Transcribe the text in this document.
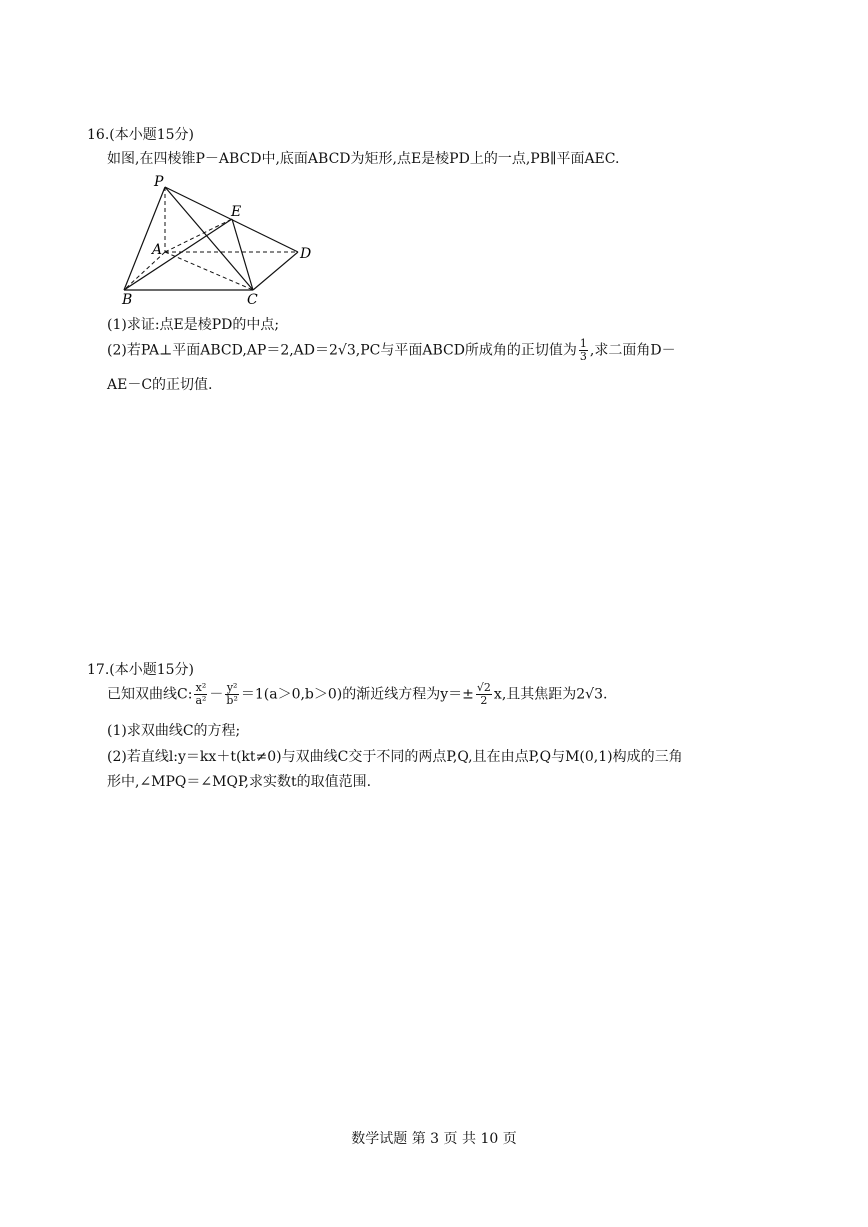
16.(本小题15分)
如图,在四棱锥P－ABCD中,底面ABCD为矩形,点E是棱PD上的一点,PB∥平面AEC.
P
E
A	D
B	C
(1)求证:点E是棱PD的中点;
(2)若PA⊥平面ABCD,AP＝2,AD＝2√3,PC与平面ABCD所成角的正切值为 $\frac{1}{3}$ ,求二面角D－
AE－C的正切值.
17.(本小题15分)
已知双曲线C: $\frac{\text{x²}}{\text{a²}} - \frac{\text{y²}}{\text{b²}} =1(a>0,b>0)$的渐近线方程为$y=\pm \frac{√2}{2} x$,且其焦距为2√3.
(1)求双曲线C的方程;
(2)若直线l:y＝kx＋t(kt≠0)与双曲线C交于不同的两点P,Q,且在由点P,Q与M(0,1)构成的三角
形中,∠MPQ＝∠MQP,求实数t的取值范围.
数学试题 第 3 页 共 10 页
